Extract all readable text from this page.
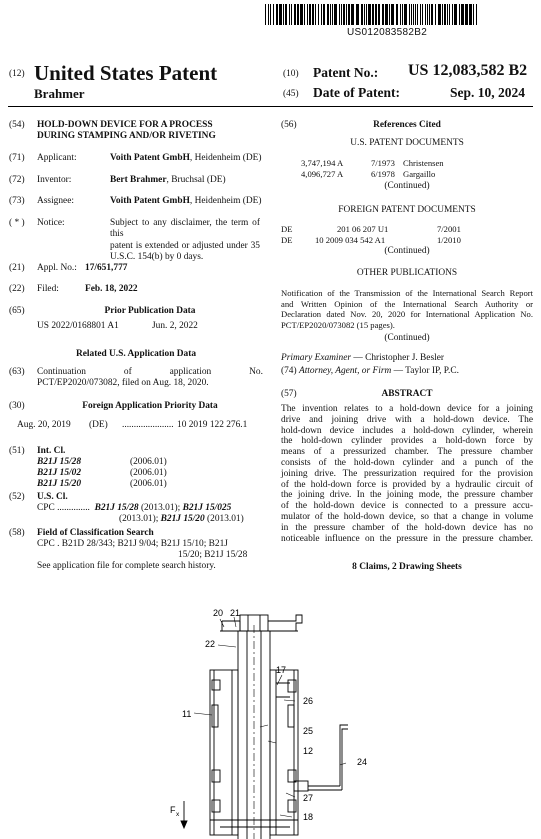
US012083582B2
(12) United States Patent
Brahmer
(10) Patent No.: US 12,083,582 B2
(45) Date of Patent:	Sep. 10, 2024
(54) HOLD-DOWN DEVICE FOR A PROCESS
DURING STAMPING AND/OR RIVETING
(71) Applicant:	Voith Patent GmbH, Heidenheim (DE)
(72) Inventor:	Bert Brahmer, Bruchsal (DE)
(73) Assignee:	Voith Patent GmbH, Heidenheim (DE)
( * ) Notice:	Subject to any disclaimer, the term of this
patent is extended or adjusted under 35
U.S.C. 154(b) by 0 days.
(21) Appl. No.: 17/651,777
(22) Filed:	Feb. 18, 2022
(65)	Prior Publication Data
US 2022/0168801 A1	Jun. 2, 2022
Related U.S. Application Data
(63) Continuation	of	application	No.
PCT/EP2020/073082, filed on Aug. 18, 2020.
(30)	Foreign Application Priority Data
Aug. 20, 2019 (DE) ...................... 10 2019 122 276.1
(51) Int. Cl.
B21J 15/28	(2006.01)
B21J 15/02	(2006.01)
B21J 15/20	(2006.01)
(52) U.S. Cl.
CPC .............. B21J 15/28 (2013.01); B21J 15/025
(2013.01); B21J 15/20 (2013.01)
(58) Field of Classification Search
CPC . B21D 28/343; B21J 9/04; B21J 15/10; B21J
15/20; B21J 15/28
See application file for complete search history.
(56)	References Cited
U.S. PATENT DOCUMENTS
3,747,194 A	7/1973 Christensen
4,096,727 A	6/1978 Gargaillo
(Continued)
FOREIGN PATENT DOCUMENTS
DE	201 06 207 U1	7/2001
DE	10 2009 034 542 A1	1/2010
(Continued)
OTHER PUBLICATIONS
Notification of the Transmission of the International Search Report
and Written Opinion of the International Search Authority or
Declaration dated Nov. 20, 2020 for International Application No.
PCT/EP2020/073082 (15 pages).
(Continued)
Primary Examiner — Christopher J. Besler
(74) Attorney, Agent, or Firm — Taylor IP, P.C.
(57)	ABSTRACT
The invention relates to a hold-down device for a joining
drive and joining drive with a hold-down device. The
hold-down device includes a hold-down cylinder, wherein
the hold-down cylinder provides a hold-down force by
means of a pressurized chamber. The pressure chamber
consists of the hold-down cylinder and a punch of the
joining drive. The pressurization required for the provision
of the hold-down force is provided by a hydraulic circuit of
the joining drive. In the joining mode, the pressure chamber
of the hold-down device is connected to a pressure accu-
mulator of the hold-down device, so that a change in volume
in the pressure chamber of the hold-down device has no
noticeable influence on the pressure in the pressure chamber.
8 Claims, 2 Drawing Sheets
20 21
22
17
26
11
25
12
24
27
18
F x
